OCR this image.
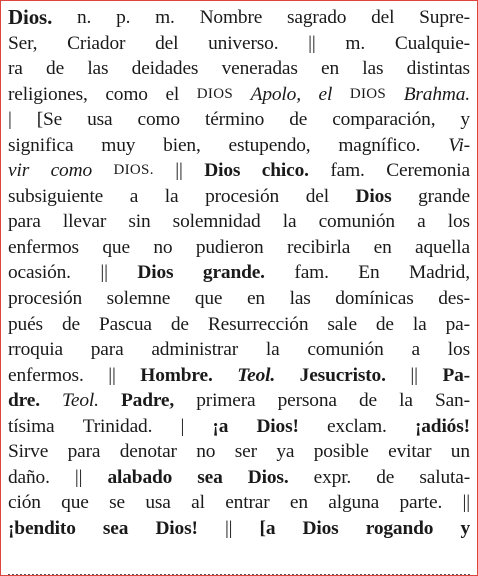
Dios. n. p. m. Nombre sagrado del Supre-
Ser, Criador del universo. || m. Cualquie-
ra de las deidades veneradas en las distintas
religiones, como el DIOS Apolo, el DIOS Brahma.
| [Se usa como término de comparación, y
significa muy bien, estupendo, magnífico. Vi-
vir como DIOS. || Dios chico. fam. Ceremonia
subsiguiente a la procesión del Dios grande
para llevar sin solemnidad la comunión a los
enfermos que no pudieron recibirla en aquella
ocasión. || Dios grande. fam. En Madrid,
procesión solemne que en las domínicas des-
pués de Pascua de Resurrección sale de la pa-
rroquia para administrar la comunión a los
enfermos. || Hombre. Teol. Jesucristo. || Pa-
dre. Teol. Padre, primera persona de la San-
tísima Trinidad. | ¡a Dios! exclam. ¡adiós!
Sirve para denotar no ser ya posible evitar un
daño. || alabado sea Dios. expr. de saluta-
ción que se usa al entrar en alguna parte. ||
¡bendito sea Dios! || [a Dios rogando y
